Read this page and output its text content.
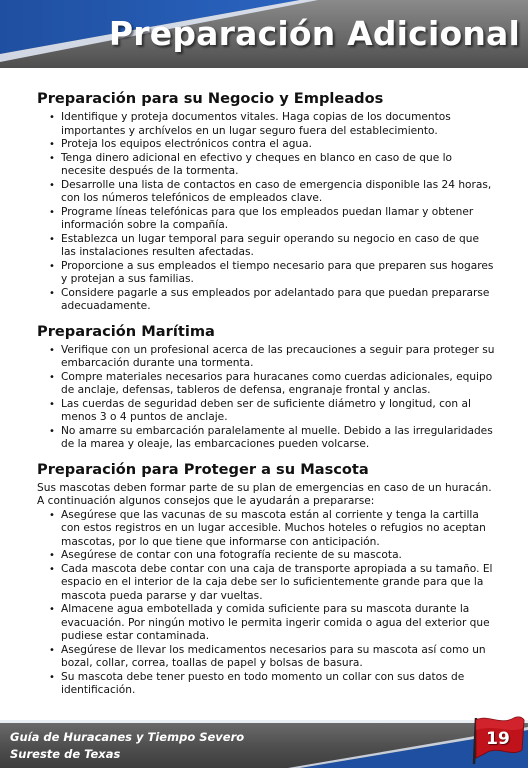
Preparación Adicional
Preparación para su Negocio y Empleados
• Identifique y proteja documentos vitales. Haga copias de los documentos importantes y archívelos en un lugar seguro fuera del establecimiento.
• Proteja los equipos electrónicos contra el agua.
• Tenga dinero adicional en efectivo y cheques en blanco en caso de que lo necesite después de la tormenta.
• Desarrolle una lista de contactos en caso de emergencia disponible las 24 horas, con los números telefónicos de empleados clave.
• Programe líneas telefónicas para que los empleados puedan llamar y obtener información sobre la compañía.
• Establezca un lugar temporal para seguir operando su negocio en caso de que las instalaciones resulten afectadas.
• Proporcione a sus empleados el tiempo necesario para que preparen sus hogares y protejan a sus familias.
• Considere pagarle a sus empleados por adelantado para que puedan prepararse adecuadamente.
Preparación Marítima
• Verifique con un profesional acerca de las precauciones a seguir para proteger su embarcación durante una tormenta.
• Compre materiales necesarios para huracanes como cuerdas adicionales, equipo de anclaje, defensas, tableros de defensa, engranaje frontal y anclas.
• Las cuerdas de seguridad deben ser de suficiente diámetro y longitud, con al menos 3 o 4 puntos de anclaje.
• No amarre su embarcación paralelamente al muelle. Debido a las irregularidades de la marea y oleaje, las embarcaciones pueden volcarse.
Preparación para Proteger a su Mascota

Sus mascotas deben formar parte de su plan de emergencias en caso de un huracán. A continuación algunos consejos que le ayudarán a prepararse:

• Asegúrese que las vacunas de su mascota están al corriente y tenga la cartilla con estos registros en un lugar accesible. Muchos hoteles o refugios no aceptan mascotas, por lo que tiene que informarse con anticipación.
• Asegúrese de contar con una fotografía reciente de su mascota.
• Cada mascota debe contar con una caja de transporte apropiada a su tamaño. El espacio en el interior de la caja debe ser lo suficientemente grande para que la mascota pueda pararse y dar vueltas.
• Almacene agua embotellada y comida suficiente para su mascota durante la evacuación. Por ningún motivo le permita ingerir comida o agua del exterior que pudiese estar contaminada.
• Asegúrese de llevar los medicamentos necesarios para su mascota así como un bozal, collar, correa, toallas de papel y bolsas de basura.
• Su mascota debe tener puesto en todo momento un collar con sus datos de identificación.
Guía de Huracanes y Tiempo Severo
Sureste de Texas
19
